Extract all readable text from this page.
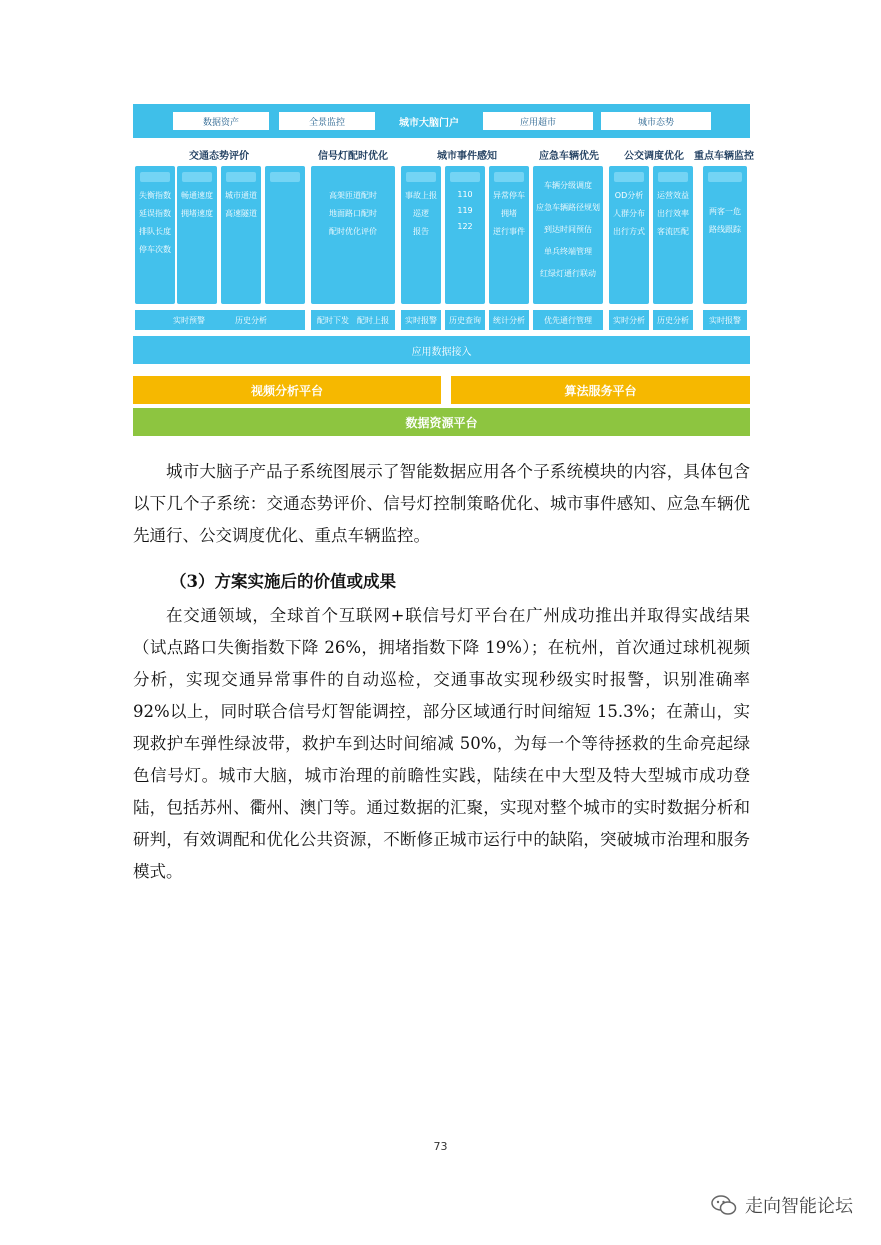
数据资产	全景监控	城市大脑门户	应用超市	城市态势
交通态势评价	信号灯配时优化	城市事件感知	应急车辆优先	公交调度优化	重点车辆监控
失衡指数
延误指数
排队长度
停车次数
畅通速度
拥堵速度
城市通道
高速隧道
高架匝道配时
地面路口配时
配时优化评价
事故上报
巡逻
报告
110
119
122
异常停车
拥堵
逆行事件
车辆分级调度
应急车辆路径规划
到达时间预估
单兵终端管理
红绿灯通行联动
OD分析
人群分布
出行方式
运营效益
出行效率
客流匹配
两客一危
路线跟踪
实时预警	历史分析	配时下发 配时上报	实时报警	历史查询	统计分析	优先通行管理	实时分析	历史分析	实时报警
应用数据接入
视频分析平台	算法服务平台
数据资源平台
城市大脑子产品子系统图展示了智能数据应用各个子系统模块的内容，具体包含以下几个子系统：交通态势评价、信号灯控制策略优化、城市事件感知、应急车辆优先通行、公交调度优化、重点车辆监控。
（3）方案实施后的价值或成果
在交通领域，全球首个互联网+联信号灯平台在广州成功推出并取得实战结果（试点路口失衡指数下降 26%，拥堵指数下降 19%）；在杭州，首次通过球机视频分析，实现交通异常事件的自动巡检，交通事故实现秒级实时报警，识别准确率 92%以上，同时联合信号灯智能调控，部分区域通行时间缩短 15.3%；在萧山，实现救护车弹性绿波带，救护车到达时间缩减 50%，为每一个等待拯救的生命亮起绿色信号灯。城市大脑，城市治理的前瞻性实践，陆续在中大型及特大型城市成功登陆，包括苏州、衢州、澳门等。通过数据的汇聚，实现对整个城市的实时数据分析和研判，有效调配和优化公共资源，不断修正城市运行中的缺陷，突破城市治理和服务模式。
73
走向智能论坛
